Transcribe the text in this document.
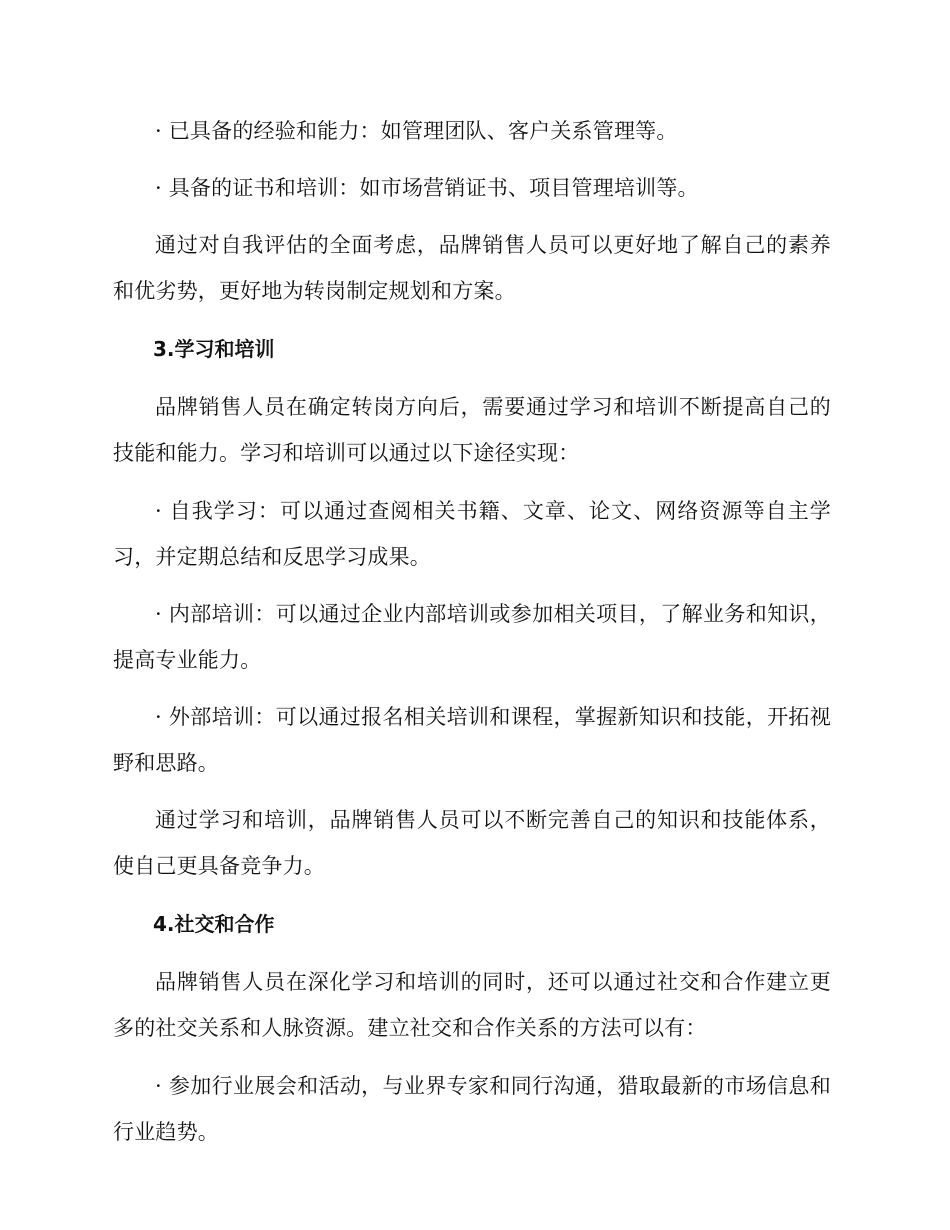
· 已具备的经验和能力：如管理团队、客户关系管理等。

· 具备的证书和培训：如市场营销证书、项目管理培训等。

通过对自我评估的全面考虑，品牌销售人员可以更好地了解自己的素养和优劣势，更好地为转岗制定规划和方案。

3.学习和培训

品牌销售人员在确定转岗方向后，需要通过学习和培训不断提高自己的技能和能力。学习和培训可以通过以下途径实现：

· 自我学习：可以通过查阅相关书籍、文章、论文、网络资源等自主学习，并定期总结和反思学习成果。

· 内部培训：可以通过企业内部培训或参加相关项目，了解业务和知识，提高专业能力。

· 外部培训：可以通过报名相关培训和课程，掌握新知识和技能，开拓视野和思路。

通过学习和培训，品牌销售人员可以不断完善自己的知识和技能体系，使自己更具备竞争力。

4.社交和合作

品牌销售人员在深化学习和培训的同时，还可以通过社交和合作建立更多的社交关系和人脉资源。建立社交和合作关系的方法可以有：

· 参加行业展会和活动，与业界专家和同行沟通，猎取最新的市场信息和行业趋势。
